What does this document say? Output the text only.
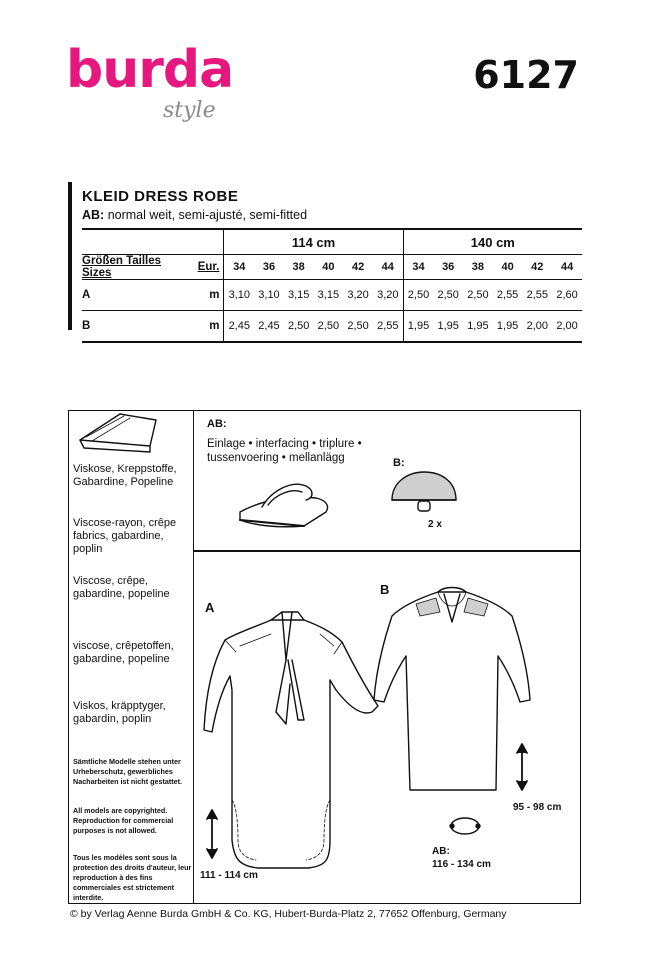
burda
style
6127
KLEID DRESS ROBE
AB: normal weit, semi-ajusté, semi-fitted
		114 cm						140 cm					
Größen Tailles Sizes	Eur.	34	36	38	40	42	44	34	36	38	40	42	44
A	m	3,10	3,10	3,15	3,15	3,20	3,20	2,50	2,50	2,50	2,55	2,55	2,60
B	m	2,45	2,45	2,50	2,50	2,50	2,55	1,95	1,95	1,95	1,95	2,00	2,00
Viskose, Kreppstoffe, Gabardine, Popeline
Viscose-rayon, crêpe fabrics, gabardine, poplin
Viscose, crêpe, gabardine, popeline
viscose, crêpetoffen, gabardine, popeline
Viskos, kräpptyger, gabardin, poplin
Sämtliche Modelle stehen unter Urheberschutz, gewerbliches Nacharbeiten ist nicht gestattet.
All models are copyrighted. Reproduction for commercial purposes is not allowed.
Tous les modèles sont sous la protection des droits d'auteur, leur reproduction à des fins commerciales est strictement interdite.
AB:
Einlage • interfacing • triplure • tussenvoering • mellanlägg	B:
2 x
A
B
111 - 114 cm
95 - 98 cm
AB:
116 - 134 cm
© by Verlag Aenne Burda GmbH & Co. KG, Hubert-Burda-Platz 2, 77652 Offenburg, Germany
